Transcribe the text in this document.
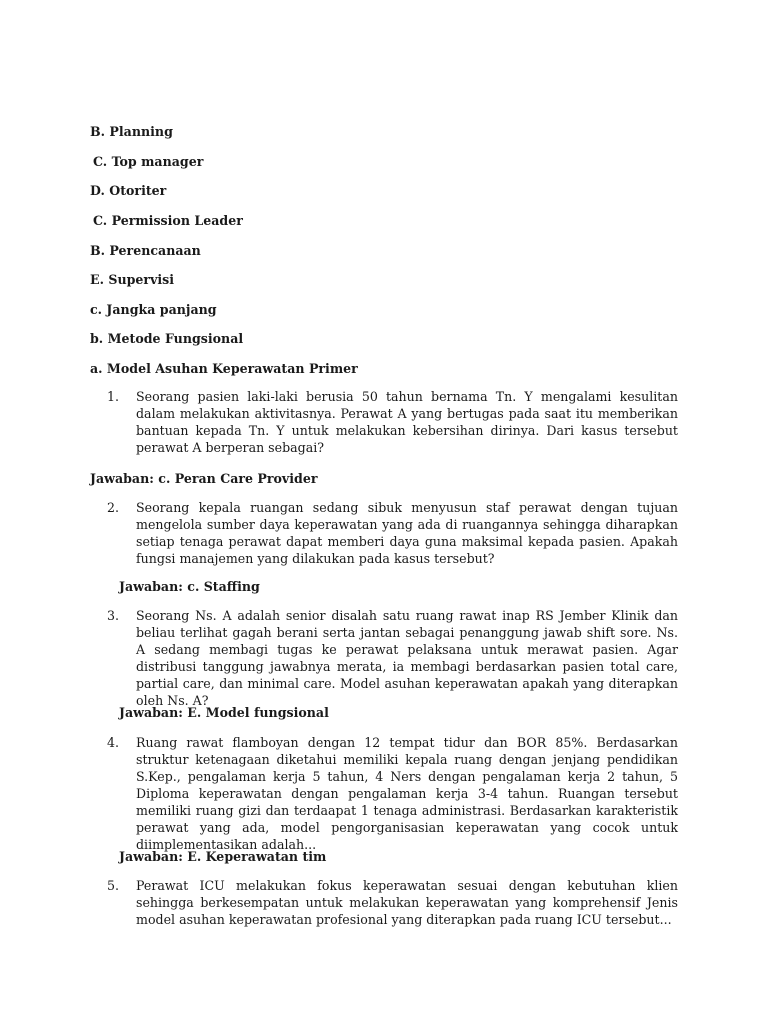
B. Planning
C. Top manager
D. Otoriter
C. Permission Leader
B. Perencanaan
E. Supervisi
c. Jangka panjang
b. Metode Fungsional
a. Model Asuhan Keperawatan Primer
1. Seorang pasien laki-laki berusia 50 tahun bernama Tn. Y mengalami kesulitan dalam melakukan aktivitasnya. Perawat A yang bertugas pada saat itu memberikan bantuan kepada Tn. Y untuk melakukan kebersihan dirinya. Dari kasus tersebut perawat A berperan sebagai?
Jawaban: c. Peran Care Provider
2. Seorang kepala ruangan sedang sibuk menyusun staf perawat dengan tujuan mengelola sumber daya keperawatan yang ada di ruangannya sehingga diharapkan setiap tenaga perawat dapat memberi daya guna maksimal kepada pasien. Apakah fungsi manajemen yang dilakukan pada kasus tersebut?
Jawaban: c. Staffing
3. Seorang Ns. A adalah senior disalah satu ruang rawat inap RS Jember Klinik dan beliau terlihat gagah berani serta jantan sebagai penanggung jawab shift sore. Ns. A sedang membagi tugas ke perawat pelaksana untuk merawat pasien. Agar distribusi tanggung jawabnya merata, ia membagi berdasarkan pasien total care, partial care, dan minimal care. Model asuhan keperawatan apakah yang diterapkan oleh Ns. A?
Jawaban: E. Model fungsional
4. Ruang rawat flamboyan dengan 12 tempat tidur dan BOR 85%. Berdasarkan struktur ketenagaan diketahui memiliki kepala ruang dengan jenjang pendidikan S.Kep., pengalaman kerja 5 tahun, 4 Ners dengan pengalaman kerja 2 tahun, 5 Diploma keperawatan dengan pengalaman kerja 3-4 tahun. Ruangan tersebut memiliki ruang gizi dan terdaapat 1 tenaga administrasi. Berdasarkan karakteristik perawat yang ada, model pengorganisasian keperawatan yang cocok untuk diimplementasikan adalah...
Jawaban: E. Keperawatan tim
5. Perawat ICU melakukan fokus keperawatan sesuai dengan kebutuhan klien sehingga berkesempatan untuk melakukan keperawatan yang komprehensif Jenis model asuhan keperawatan profesional yang diterapkan pada ruang ICU tersebut...
